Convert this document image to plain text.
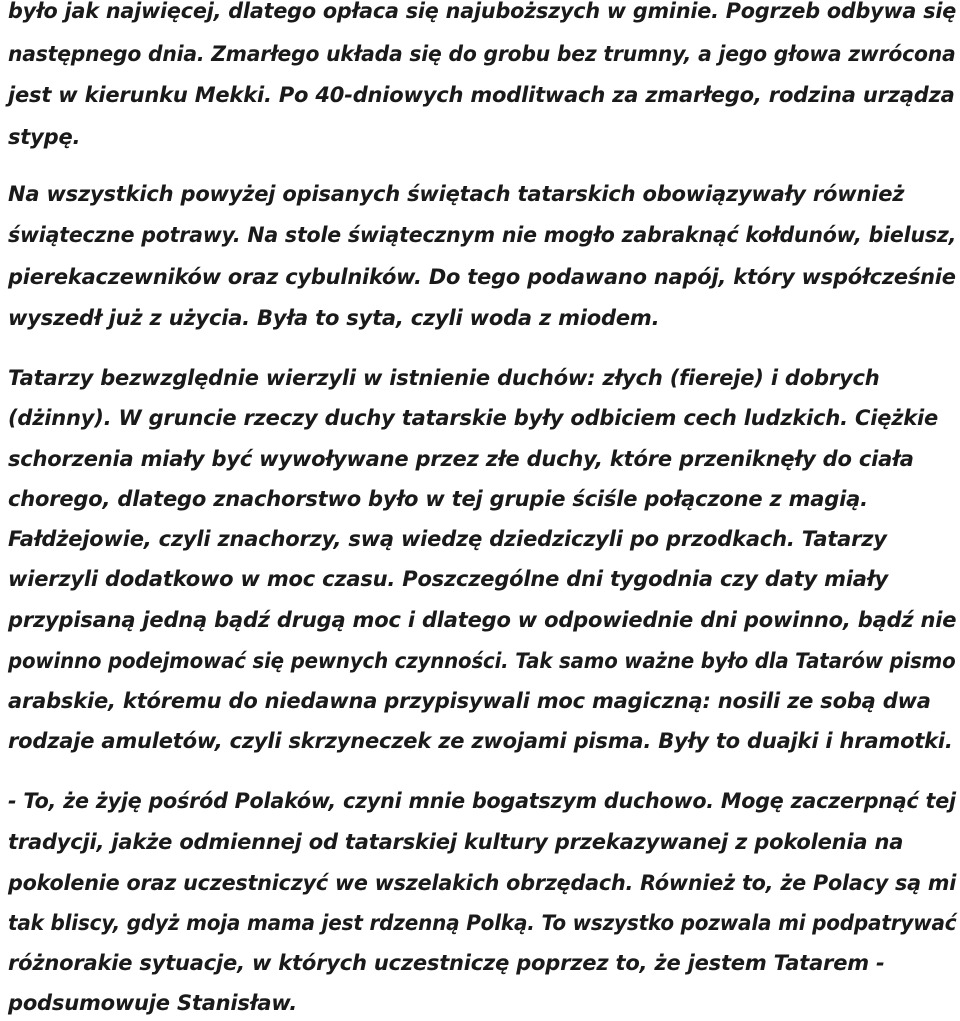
było jak najwięcej, dlatego opłaca się najuboższych w gminie. Pogrzeb odbywa się
następnego dnia. Zmarłego układa się do grobu bez trumny, a jego głowa zwrócona
jest w kierunku Mekki. Po 40-dniowych modlitwach za zmarłego, rodzina urządza
stypę.
Na wszystkich powyżej opisanych świętach tatarskich obowiązywały również
świąteczne potrawy. Na stole świątecznym nie mogło zabraknąć kołdunów, bielusz,
pierekaczewników oraz cybulników. Do tego podawano napój, który współcześnie
wyszedł już z użycia. Była to syta, czyli woda z miodem.
Tatarzy bezwzględnie wierzyli w istnienie duchów: złych (fiereje) i dobrych
(dżinny). W gruncie rzeczy duchy tatarskie były odbiciem cech ludzkich. Ciężkie
schorzenia miały być wywoływane przez złe duchy, które przeniknęły do ciała
chorego, dlatego znachorstwo było w tej grupie ściśle połączone z magią.
Fałdżejowie, czyli znachorzy, swą wiedzę dziedziczyli po przodkach. Tatarzy
wierzyli dodatkowo w moc czasu. Poszczególne dni tygodnia czy daty miały
przypisaną jedną bądź drugą moc i dlatego w odpowiednie dni powinno, bądź nie
powinno podejmować się pewnych czynności. Tak samo ważne było dla Tatarów pismo
arabskie, któremu do niedawna przypisywali moc magiczną: nosili ze sobą dwa
rodzaje amuletów, czyli skrzyneczek ze zwojami pisma. Były to duajki i hramotki.
- To, że żyję pośród Polaków, czyni mnie bogatszym duchowo. Mogę zaczerpnąć tej
tradycji, jakże odmiennej od tatarskiej kultury przekazywanej z pokolenia na
pokolenie oraz uczestniczyć we wszelakich obrzędach. Również to, że Polacy są mi
tak bliscy, gdyż moja mama jest rdzenną Polką. To wszystko pozwala mi podpatrywać
różnorakie sytuacje, w których uczestniczę poprzez to, że jestem Tatarem -
podsumowuje Stanisław.
